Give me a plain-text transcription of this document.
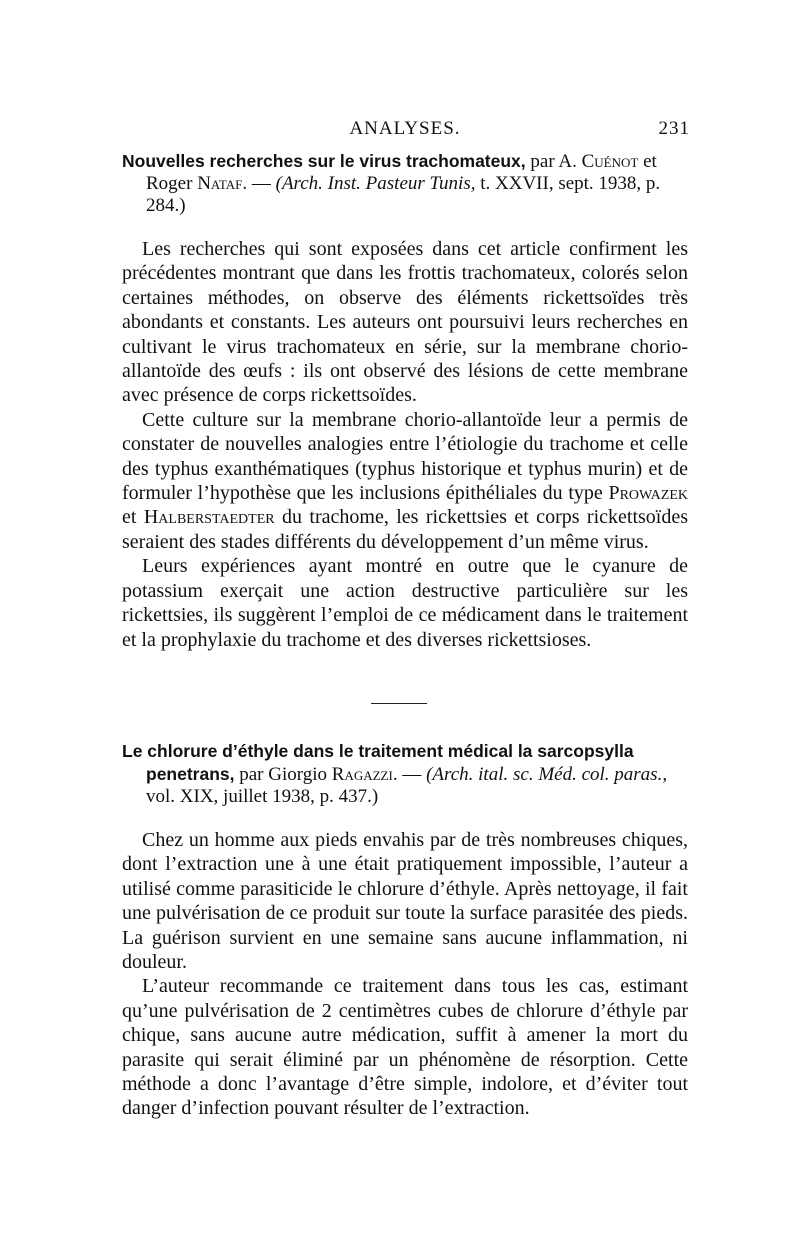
ANALYSES.	231

Nouvelles recherches sur le virus trachomateux, par A. Cuénot et Roger Nataf. — (Arch. Inst. Pasteur Tunis, t. XXVII, sept. 1938, p. 284.)

Les recherches qui sont exposées dans cet article confirment les précédentes montrant que dans les frottis trachomateux, colorés selon certaines méthodes, on observe des éléments rickettsoïdes très abondants et constants. Les auteurs ont poursuivi leurs recherches en cultivant le virus trachomateux en série, sur la membrane chorio-allantoïde des œufs : ils ont observé des lésions de cette membrane avec présence de corps rickettsoïdes.

Cette culture sur la membrane chorio-allantoïde leur a permis de constater de nouvelles analogies entre l’étiologie du trachome et celle des typhus exanthématiques (typhus historique et typhus murin) et de formuler l’hypothèse que les inclusions épithéliales du type Prowazek et Halberstaedter du trachome, les rickettsies et corps rickettsoïdes seraient des stades différents du développement d’un même virus.

Leurs expériences ayant montré en outre que le cyanure de potassium exerçait une action destructive particulière sur les rickettsies, ils suggèrent l’emploi de ce médicament dans le traitement et la prophylaxie du trachome et des diverses rickettsioses.

Le chlorure d’éthyle dans le traitement médical la sarcopsylla penetrans, par Giorgio Ragazzi. — (Arch. ital. sc. Méd. col. paras., vol. XIX, juillet 1938, p. 437.)

Chez un homme aux pieds envahis par de très nombreuses chiques, dont l’extraction une à une était pratiquement impossible, l’auteur a utilisé comme parasiticide le chlorure d’éthyle. Après nettoyage, il fait une pulvérisation de ce produit sur toute la surface parasitée des pieds. La guérison survient en une semaine sans aucune inflammation, ni douleur.

L’auteur recommande ce traitement dans tous les cas, estimant qu’une pulvérisation de 2 centimètres cubes de chlorure d’éthyle par chique, sans aucune autre médication, suffit à amener la mort du parasite qui serait éliminé par un phénomène de résorption. Cette méthode a donc l’avantage d’être simple, indolore, et d’éviter tout danger d’infection pouvant résulter de l’extraction.
